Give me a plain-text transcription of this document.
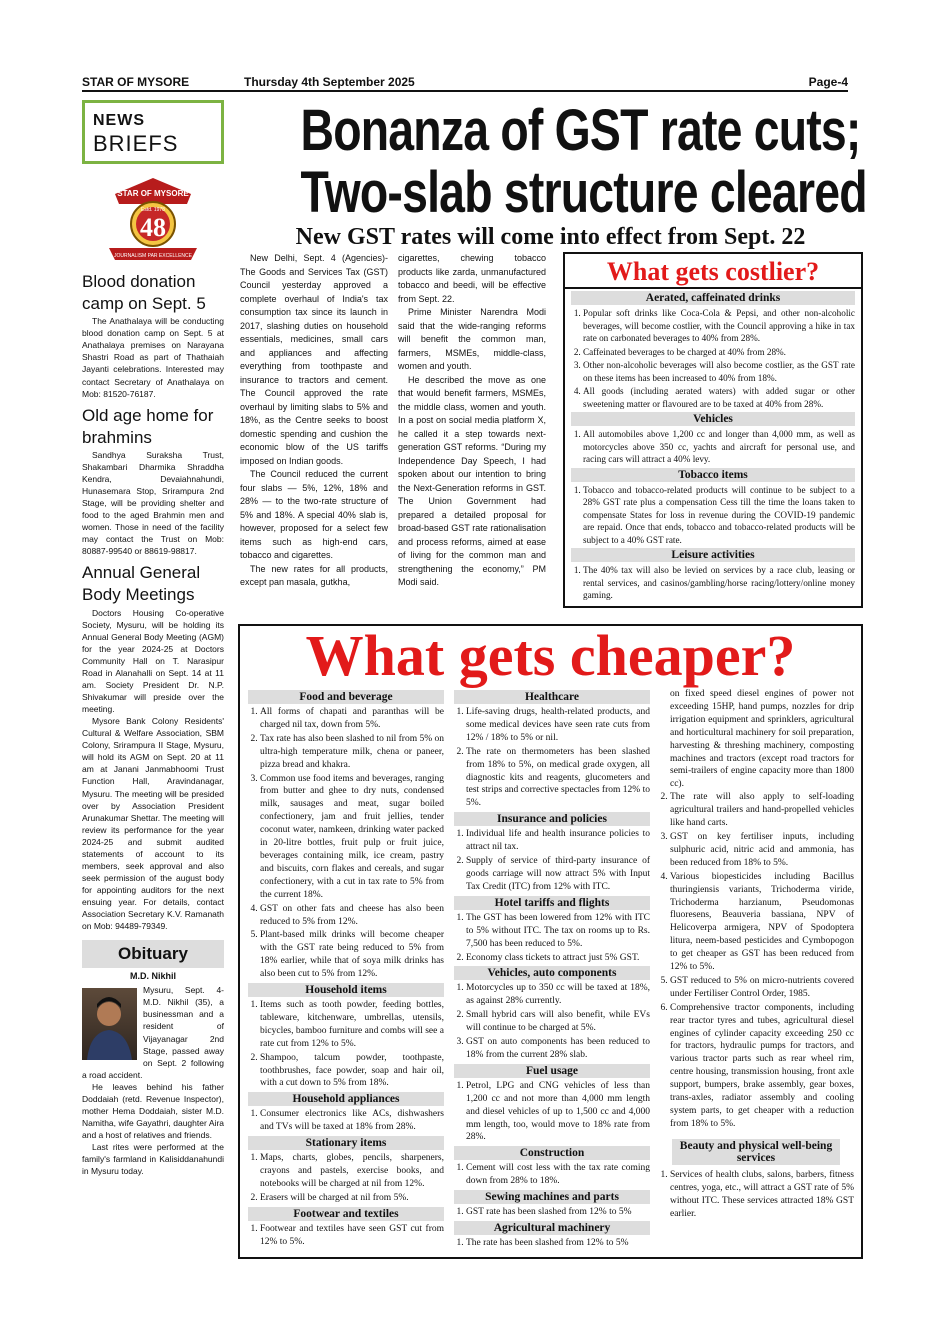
STAR OF MYSORE	Thursday 4th September 2025	Page-4
NEWS
BRIEFS
STAR OF MYSORE
Estd. 1978
48
JOURNALISM PAR EXCELLENCE
Blood donation camp on Sept. 5

The Anathalaya will be conducting blood donation camp on Sept. 5 at Anathalaya premises on Narayana Shastri Road as part of Thathaiah Jayanti celebrations. Interested may contact Secretary of Anathalaya on Mob: 81520-76187.

Old age home for brahmins

Sandhya Suraksha Trust, Shakambari Dharmika Shraddha Kendra, Devaiahnahundi, Hunasemara Stop, Srirampura 2nd Stage, will be providing shelter and food to the aged Brahmin men and women. Those in need of the facility may contact the Trust on Mob: 80887-99540 or 88619-98817.

Annual General Body Meetings

Doctors Housing Co-operative Society, Mysuru, will be holding its Annual General Body Meeting (AGM) for the year 2024-25 at Doctors Community Hall on T. Narasipur Road in Alanahalli on Sept. 14 at 11 am. Society President Dr. N.P. Shivakumar will preside over the meeting.

Mysore Bank Colony Residents' Cultural & Welfare Association, SBM Colony, Srirampura II Stage, Mysuru, will hold its AGM on Sept. 20 at 11 am at Janani Janmabhoomi Trust Function Hall, Aravindanagar, Mysuru. The meeting will be presided over by Association President Arunakumar Shettar. The meeting will review its performance for the year 2024-25 and submit audited statements of account to its members, seek approval and also seek permission of the august body for appointing auditors for the next ensuing year. For details, contact Association Secretary K.V. Ramanath on Mob: 94489-79349.

Obituary
M.D. Nikhil

Mysuru, Sept. 4- M.D. Nikhil (35), a businessman and a resident of Vijayanagar 2nd Stage, passed away on Sept. 2 following a road accident.

He leaves behind his father Doddaiah (retd. Revenue Inspector), mother Hema Doddaiah, sister M.D. Namitha, wife Gayathri, daughter Aira and a host of relatives and friends.

Last rites were performed at the family's farmland in Kalisiddanahundi in Mysuru today.

Bonanza of GST rate cuts;
Two-slab structure cleared
New GST rates will come into effect from Sept. 22

New Delhi, Sept. 4 (Agencies)- The Goods and Services Tax (GST) Council yesterday approved a complete overhaul of India's tax consumption tax since its launch in 2017, slashing duties on household essentials, medicines, small cars and appliances and affecting everything from toothpaste and insurance to tractors and cement. The Council approved the rate overhaul by limiting slabs to 5% and 18%, as the Centre seeks to boost domestic spending and cushion the economic blow of the US tariffs imposed on Indian goods.

The Council reduced the current four slabs — 5%, 12%, 18% and 28% — to the two-rate structure of 5% and 18%. A special 40% slab is, however, proposed for a select few items such as high-end cars, tobacco and cigarettes.

The new rates for all products, except pan masala, gutkha,

cigarettes, chewing tobacco products like zarda, unmanufactured tobacco and beedi, will be effective from Sept. 22.

Prime Minister Narendra Modi said that the wide-ranging reforms will benefit the common man, farmers, MSMEs, middle-class, women and youth.

He described the move as one that would benefit farmers, MSMEs, the middle class, women and youth. In a post on social media platform X, he called it a step towards next-generation GST reforms. “During my Independence Day Speech, I had spoken about our intention to bring the Next-Generation reforms in GST. The Union Government had prepared a detailed proposal for broad-based GST rate rationalisation and process reforms, aimed at ease of living for the common man and strengthening the economy,” PM Modi said.

What gets costlier?
Aerated, caffeinated drinks
1. Popular soft drinks like Coca-Cola & Pepsi, and other non-alcoholic beverages, will become costlier, with the Council approving a hike in tax rate on carbonated beverages to 40% from 28%.
2. Caffeinated beverages to be charged at 40% from 28%.
3. Other non-alcoholic beverages will also become costlier, as the GST rate on these items has been increased to 40% from 18%.
4. All goods (including aerated waters) with added sugar or other sweetening matter or flavoured are to be taxed at 40% from 28%.
Vehicles
1. All automobiles above 1,200 cc and longer than 4,000 mm, as well as motorcycles above 350 cc, yachts and aircraft for personal use, and racing cars will attract a 40% levy.
Tobacco items
1. Tobacco and tobacco-related products will continue to be subject to a 28% GST rate plus a compensation Cess till the time the loans taken to compensate States for loss in revenue during the COVID-19 pandemic are repaid. Once that ends, tobacco and tobacco-related products will be subject to a 40% GST rate.
Leisure activities
1. The 40% tax will also be levied on services by a race club, leasing or rental services, and casinos/gambling/horse racing/lottery/online money gaming.
What gets cheaper?
Food and beverage
1. All forms of chapati and paranthas will be charged nil tax, down from 5%.
2. Tax rate has also been slashed to nil from 5% on ultra-high temperature milk, chena or paneer, pizza bread and khakra.
3. Common use food items and beverages, ranging from butter and ghee to dry nuts, condensed milk, sausages and meat, sugar boiled confectionery, jam and fruit jellies, tender coconut water, namkeen, drinking water packed in 20-litre bottles, fruit pulp or fruit juice, beverages containing milk, ice cream, pastry and biscuits, corn flakes and cereals, and sugar confectionery, with a cut in tax rate to 5% from the current 18%.
4. GST on other fats and cheese has also been reduced to 5% from 12%.
5. Plant-based milk drinks will become cheaper with the GST rate being reduced to 5% from 18% earlier, while that of soya milk drinks has also been cut to 5% from 12%.
Household items
1. Items such as tooth powder, feeding bottles, tableware, kitchenware, umbrellas, utensils, bicycles, bamboo furniture and combs will see a rate cut from 12% to 5%.
2. Shampoo, talcum powder, toothpaste, toothbrushes, face powder, soap and hair oil, with a cut down to 5% from 18%.
Household appliances
1. Consumer electronics like ACs, dishwashers and TVs will be taxed at 18% from 28%.
Stationary items
1. Maps, charts, globes, pencils, sharpeners, crayons and pastels, exercise books, and notebooks will be charged at nil from 12%.
2. Erasers will be charged at nil from 5%.
Footwear and textiles
1. Footwear and textiles have seen GST cut from 12% to 5%.
Healthcare
1. Life-saving drugs, health-related products, and some medical devices have seen rate cuts from 12% / 18% to 5% or nil.
2. The rate on thermometers has been slashed from 18% to 5%, on medical grade oxygen, all diagnostic kits and reagents, glucometers and test strips and corrective spectacles from 12% to 5%.
Insurance and policies
1. Individual life and health insurance policies to attract nil tax.
2. Supply of service of third-party insurance of goods carriage will now attract 5% with Input Tax Credit (ITC) from 12% with ITC.
Hotel tariffs and flights
1. The GST has been lowered from 12% with ITC to 5% without ITC. The tax on rooms up to Rs. 7,500 has been reduced to 5%.
2. Economy class tickets to attract just 5% GST.
Vehicles, auto components
1. Motorcycles up to 350 cc will be taxed at 18%, as against 28% currently.
2. Small hybrid cars will also benefit, while EVs will continue to be charged at 5%.
3. GST on auto components has been reduced to 18% from the current 28% slab.
Fuel usage
1. Petrol, LPG and CNG vehicles of less than 1,200 cc and not more than 4,000 mm length and diesel vehicles of up to 1,500 cc and 4,000 mm length, too, would move to 18% rate from 28%.
Construction
1. Cement will cost less with the tax rate coming down from 28% to 18%.
Sewing machines and parts
1. GST rate has been slashed from 12% to 5%
Agricultural machinery
1. The rate has been slashed from 12% to 5%

on fixed speed diesel engines of power not exceeding 15HP, hand pumps, nozzles for drip irrigation equipment and sprinklers, agricultural and horticultural machinery for soil preparation, harvesting & threshing machinery, composting machines and tractors (except road tractors for semi-trailers of engine capacity more than 1800 cc).

2. The rate will also apply to self-loading agricultural trailers and hand-propelled vehicles like hand carts.
3. GST on key fertiliser inputs, including sulphuric acid, nitric acid and ammonia, has been reduced from 18% to 5%.
4. Various biopesticides including Bacillus thuringiensis variants, Trichoderma viride, Trichoderma harzianum, Pseudomonas fluoresens, Beauveria bassiana, NPV of Helicoverpa armigera, NPV of Spodoptera litura, neem-based pesticides and Cymbopogon to get cheaper as GST has been reduced from 12% to 5%.
5. GST reduced to 5% on micro-nutrients covered under Fertiliser Control Order, 1985.
6. Comprehensive tractor components, including rear tractor tyres and tubes, agricultural diesel engines of cylinder capacity exceeding 250 cc for tractors, hydraulic pumps for tractors, and various tractor parts such as rear wheel rim, centre housing, transmission housing, front axle support, bumpers, brake assembly, gear boxes, trans-axles, radiator assembly and cooling system parts, to get cheaper with a reduction from 18% to 5%.
Beauty and physical well-being services
1. Services of health clubs, salons, barbers, fitness centres, yoga, etc., will attract a GST rate of 5% without ITC. These services attracted 18% GST earlier.
